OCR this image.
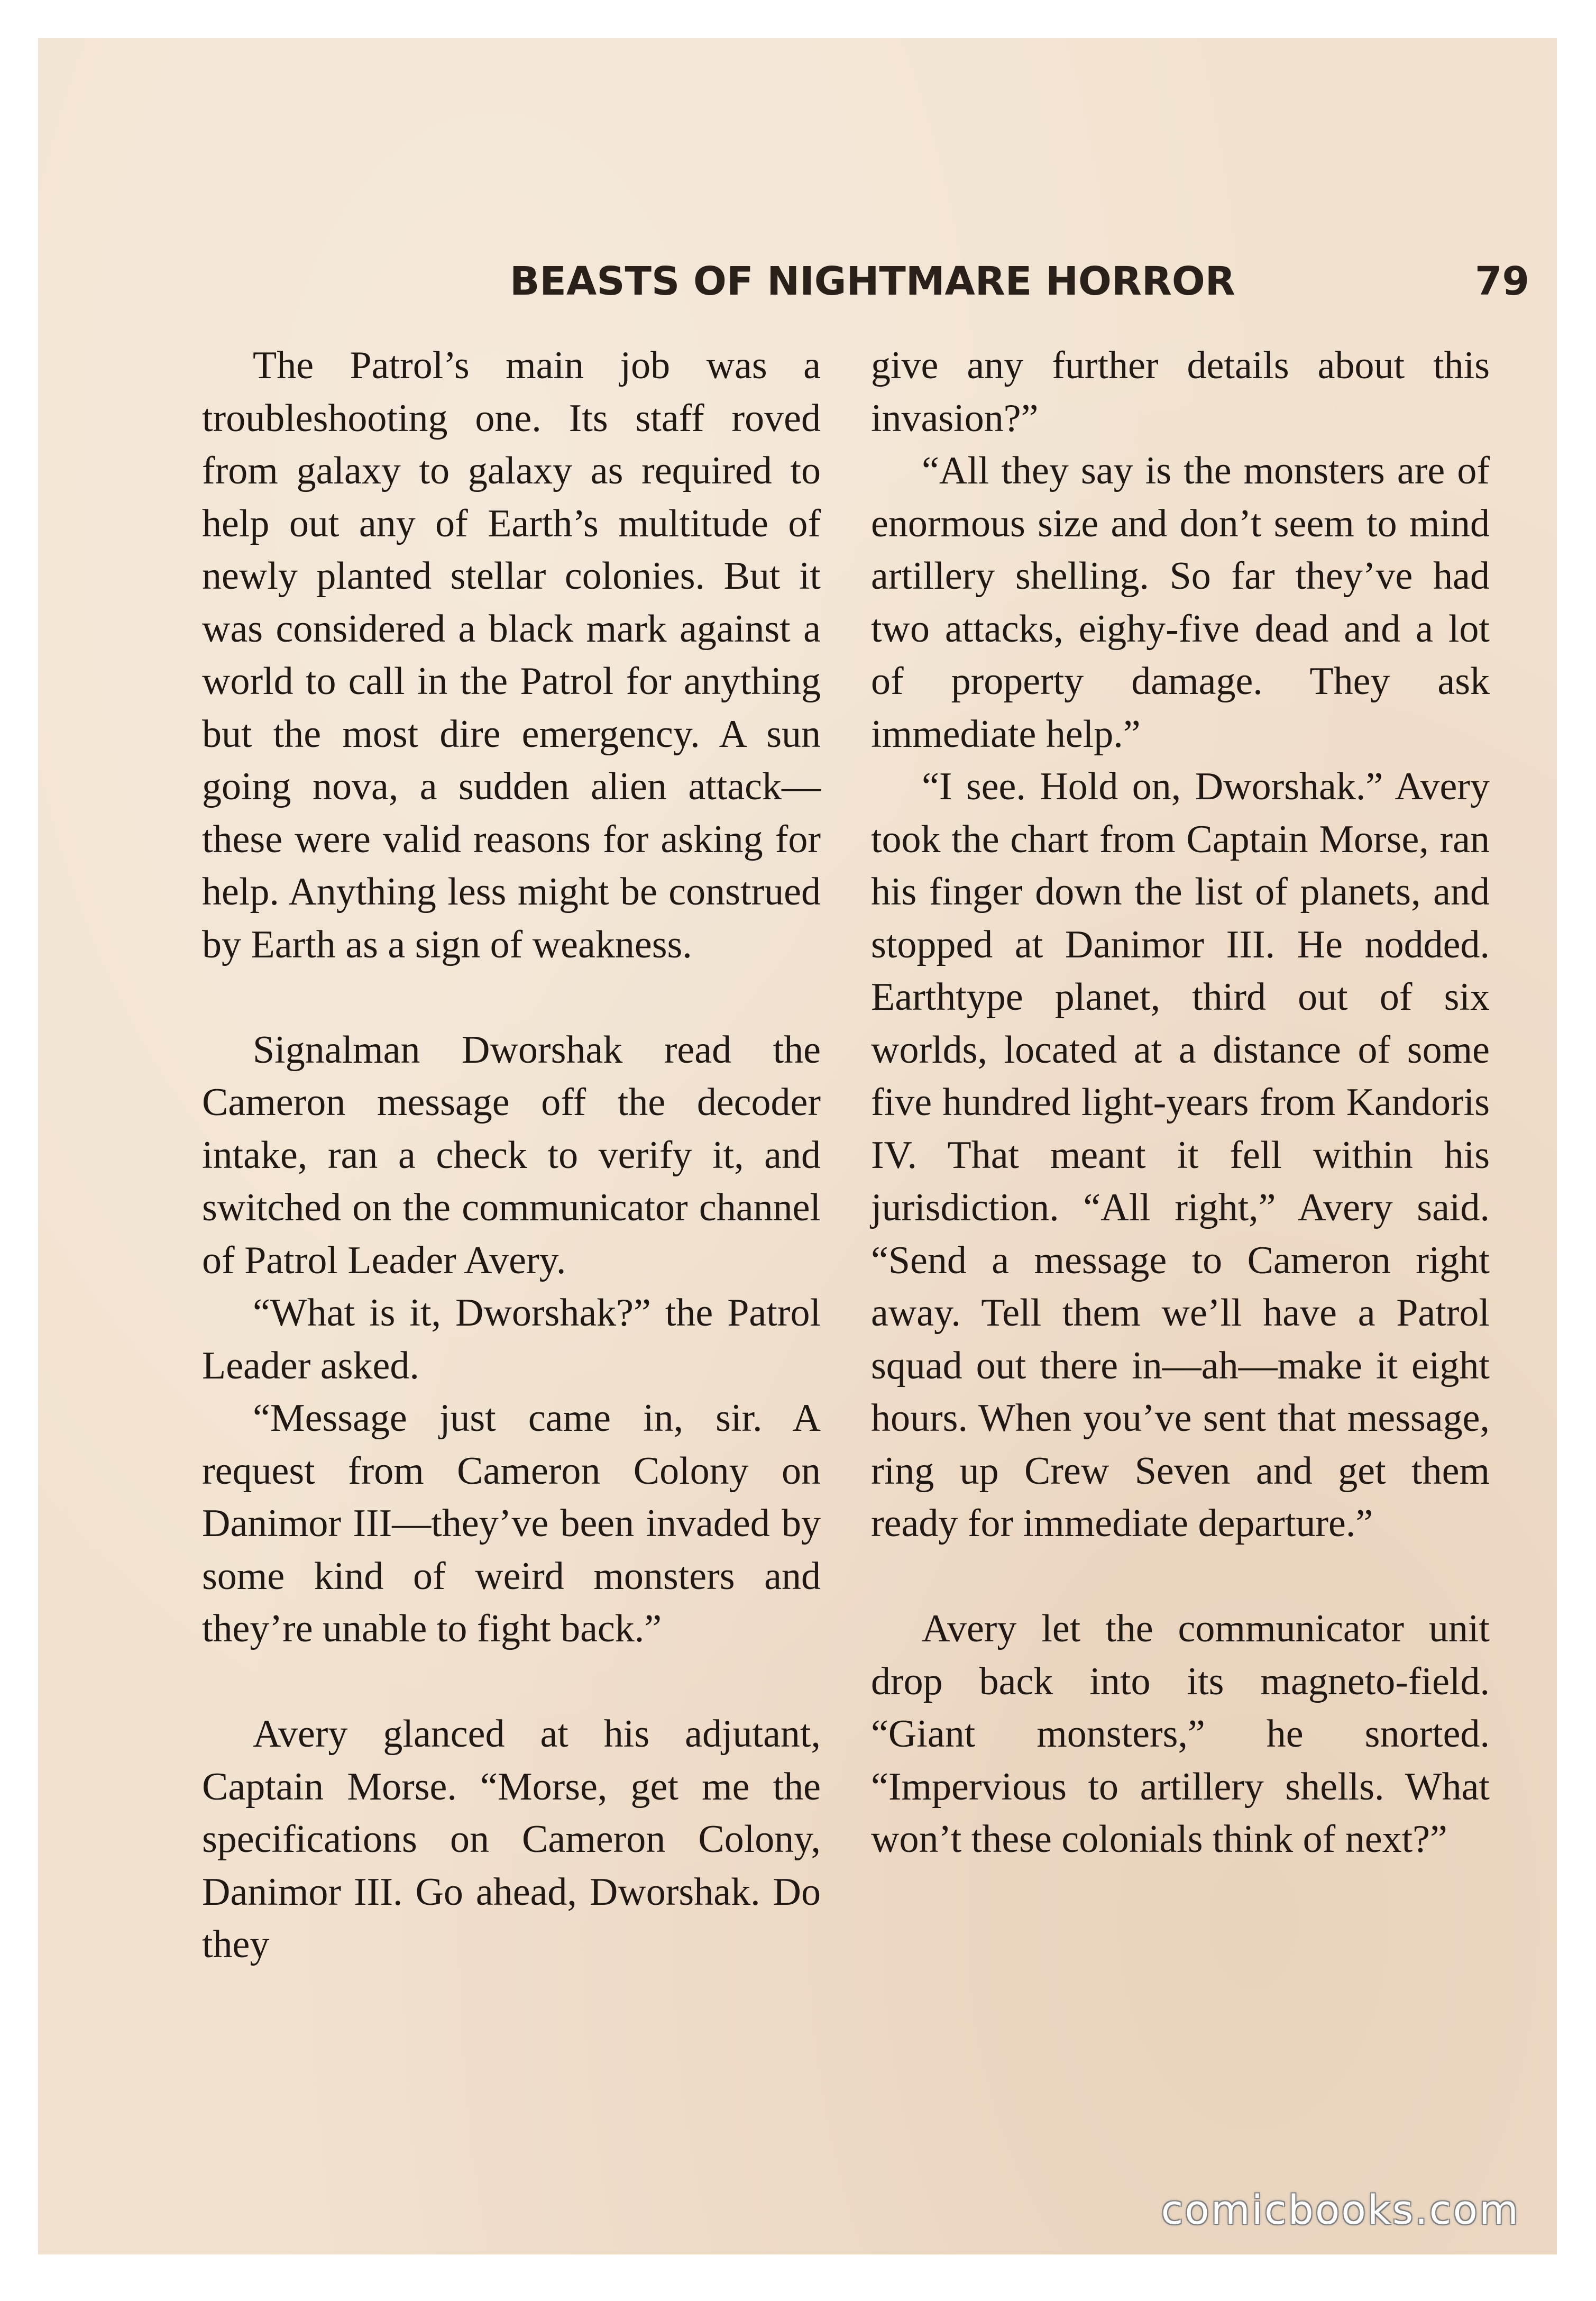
BEASTS OF NIGHTMARE HORROR	79

The Patrol’s main job was a troubleshooting one. Its staff roved from galaxy to galaxy as required to help out any of Earth’s multitude of newly planted stellar colonies. But it was considered a black mark against a world to call in the Patrol for anything but the most dire emergency. A sun going nova, a sudden alien attack—these were valid reasons for asking for help. Anything less might be construed by Earth as a sign of weakness.

Signalman Dworshak read the Cameron message off the decoder intake, ran a check to verify it, and switched on the communicator channel of Patrol Leader Avery.

“What is it, Dworshak?” the Patrol Leader asked.

“Message just came in, sir. A request from Cameron Colony on Danimor III—they’ve been invaded by some kind of weird monsters and they’re unable to fight back.”

Avery glanced at his adjutant, Captain Morse. “Morse, get me the specifications on Cameron Colony, Danimor III. Go ahead, Dworshak. Do they

give any further details about this invasion?”

“All they say is the monsters are of enormous size and don’t seem to mind artillery shelling. So far they’ve had two attacks, eighy-five dead and a lot of property damage. They ask immediate help.”

“I see. Hold on, Dworshak.” Avery took the chart from Captain Morse, ran his finger down the list of planets, and stopped at Danimor III. He nodded. Earthtype planet, third out of six worlds, located at a distance of some five hundred light-years from Kandoris IV. That meant it fell within his jurisdiction. “All right,” Avery said. “Send a message to Cameron right away. Tell them we’ll have a Patrol squad out there in—ah—make it eight hours. When you’ve sent that message, ring up Crew Seven and get them ready for immediate departure.”

Avery let the communicator unit drop back into its magneto-field. “Giant monsters,” he snorted. “Impervious to artillery shells. What won’t these colonials think of next?”

comicbooks.com
